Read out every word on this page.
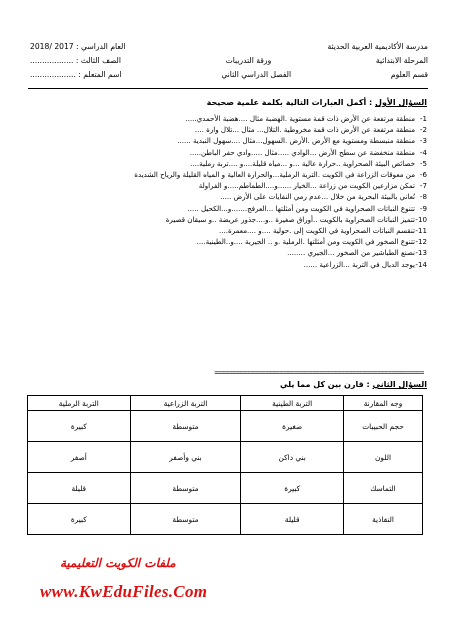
مدرسة الأكاديمية العربية الحديثة
العام الدراسي : 2017 /2018
المرحلة الابتدائية
ورقة التدريبات
الصف الثالث : ..................
قسم العلوم
الفصل الدراسي الثاني
اسم المتعلم : ...................
السؤال الأول : أكمل العبارات التالية بكلمة علمية صحيحة
1-
منطقة مرتفعة عن الأرض ذات قمة مستوية .الهضبة مثال ....هضبة الأحمدي.....
2-
منطقة مرتفعة عن الأرض ذات قمة مخروطية .التلال... مثال ...تلال وارة ....
3-
منطقة منبسطة ومستوية مع الأرض .الأرض .السهول...مثال ....سهول النبدية ......
4-
منطقة منخفضة عن سطح الأرض ...الوادي .....مثال .....وادي حفر الباطن.....
5-
خصائص البيئة الصحراوية ..حرارة عالية ...و ...مياه قليلة....و ....تربة رملية....
6-
من معوقات الزراعة في الكويت .التربة الرملية...والحرارة العالية و المياه القليلة والرياح الشديدة
7-
تمكن مزارعين الكويت من زراعة ...الخيار ......و....الطماطم.....و الفراولة
8-
نُعاني بالبيئة البحرية من خلال ...عدم رمي النفايات على الأرض .....
9-
تتنوع النباتات الصحراوية في الكويت ومن أمثلتها ...العرفج.......و...الكحيل .....
10-
تتميز النباتات الصحراوية بالكويت ..أوراق صغيرة ..و....جذور عريضة ..و سيقان قصيرة
11-
تنقسم النباتات الصحراوية في الكويت إلى .حولية ....و ....معمرة....
12-
تتنوع الصخور في الكويت ومن أمثلتها .الرملية .و .. الجيرية ....و..الطينية....
13-
نصنع الطباشير من الصخور ...الجيري ........
14-
يوجد الدبال في التربة ...الزراعية ......
==========================================================
السؤال الثاني : قارن بين كل مما يلي
وجه المقارنة	التربة الطينية	التربة الزراعية	التربة الرملية
حجم الحبيبات	صغيرة	متوسطة	كبيرة
اللون	بني داكن	بني وأصفر	أصفر
التماسك	كبيرة	متوسطة	قليلة
النفاذية	قليلة	متوسطة	كبيرة
ملفات الكويت التعليمية
www.KwEduFiles.Com
